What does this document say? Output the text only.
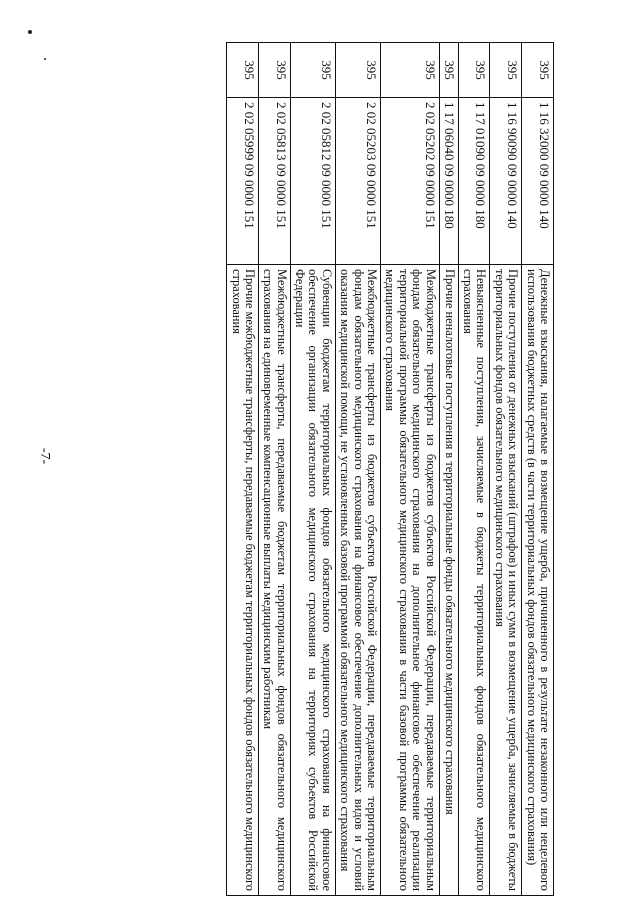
-7-
395	1 16 32000 09 0000 140	Денежные взыскания, налагаемые в возмещение ущерба, причиненного в результате незаконного или нецелевого использования бюджетных средств (в части территориальных фондов обязательного медицинского страхования)
395	1 16 90090 09 0000 140	Прочие поступления от денежных взысканий (штрафов) и иных сумм в возмещение ущерба, зачисляемые в бюджеты территориальных фондов обязательного медицинского страхования
395	1 17 01090 09 0000 180	Невыясненные поступления, зачисляемые в бюджеты территориальных фондов обязательного медицинского страхования
395	1 17 06040 09 0000 180	Прочие неналоговые поступления в территориальные фонды обязательного медицинского страхования
395	2 02 05202 09 0000 151	Межбюджетные трансферты из бюджетов субъектов Российской Федерации, передаваемые территориальным фондам обязательного медицинского страхования на дополнительное финансовое обеспечение реализации территориальной программы обязательного медицинского страхования в части базовой программы обязательного медицинского страхования
395	2 02 05203 09 0000 151	Межбюджетные трансферты из бюджетов субъектов Российской Федерации, передаваемые территориальным фондам обязательного медицинского страхования на финансовое обеспечение дополнительных видов и условий оказания медицинской помощи, не установленных базовой программой обязательного медицинского страхования
395	2 02 05812 09 0000 151	Субвенции бюджетам территориальных фондов обязательного медицинского страхования на финансовое обеспечение организации обязательного медицинского страхования на территориях субъектов Российской Федерации
395	2 02 05813 09 0000 151	Межбюджетные трансферты, передаваемые бюджетам территориальных фондов обязательного медицинского страхования на единовременные компенсационные выплаты медицинским работникам
395	2 02 05999 09 0000 151	Прочие межбюджетные трансферты, передаваемые бюджетам территориальных фондов обязательного медицинского страхования
